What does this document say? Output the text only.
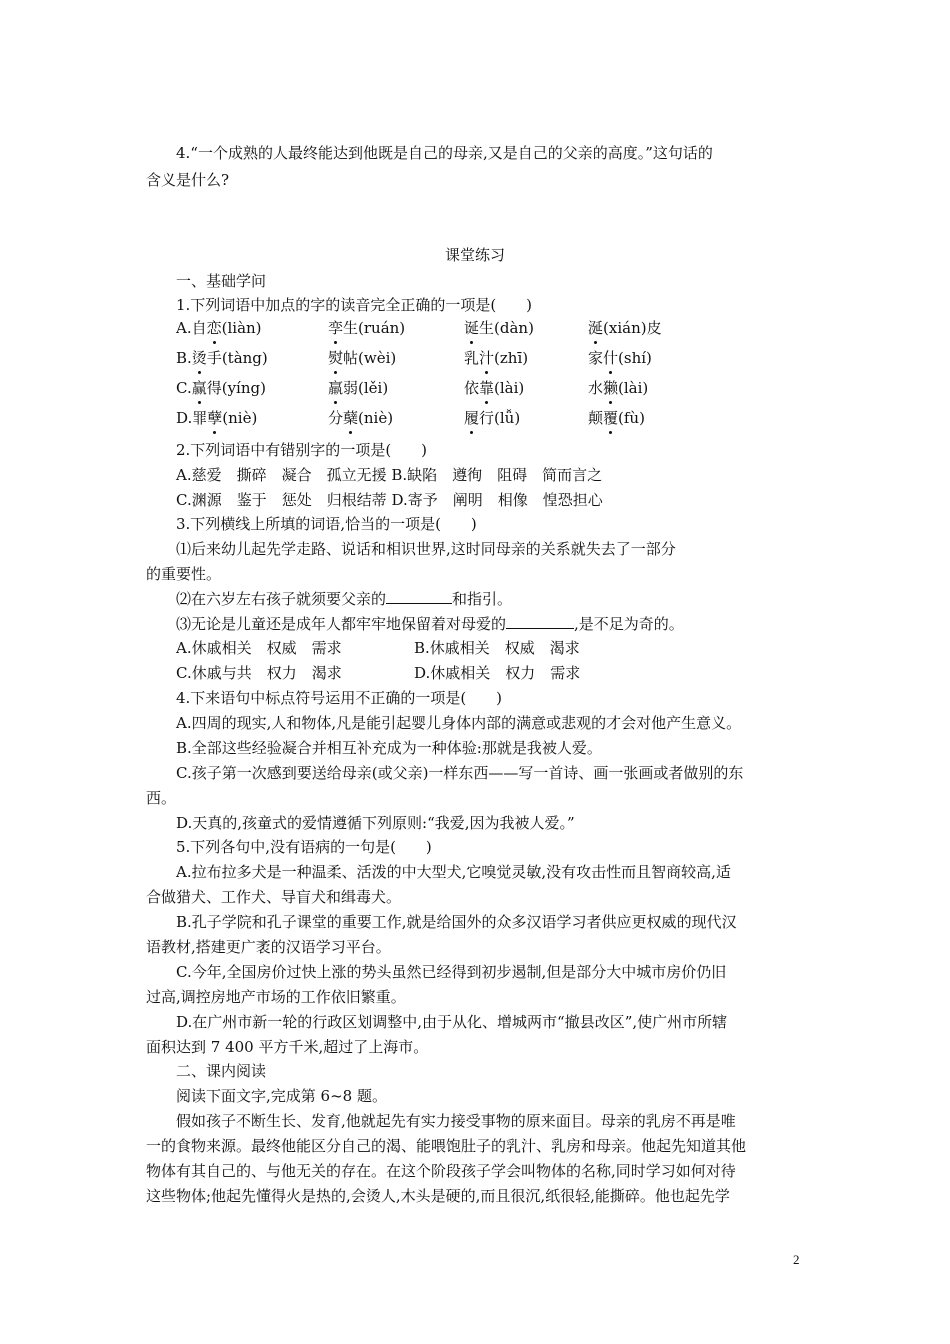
4.“一个成熟的人最终能达到他既是自己的母亲,又是自己的父亲的高度。”这句话的
含义是什么?
课堂练习
一、基础学问
1.下列词语中加点的字的读音完全正确的一项是(　　)
A.自恋(liàn)	孪生(ruán)	诞生(dàn)	涎(xián)皮
B.烫手(tàng)	熨帖(wèi)	乳汁(zhī)	家什(shí)
C.赢得(yíng)	羸弱(lěi)	依靠(lài)	水獭(lài)
D.罪孽(niè)	分蘖(niè)	履行(lǚ)	颠覆(fù)
2.下列词语中有错别字的一项是(　　)
A.慈爱　撕碎　凝合　孤立无援 B.缺陷　遵徇　阻碍　简而言之
C.渊源　鉴于　惩处　归根结蒂 D.寄予　阐明　相像　惶恐担心
3.下列横线上所填的词语,恰当的一项是(　　)
⑴后来幼儿起先学走路、说话和相识世界,这时同母亲的关系就失去了一部分
的重要性。
⑵在六岁左右孩子就须要父亲的	和指引。
⑶无论是儿童还是成年人都牢牢地保留着对母爱的	,是不足为奇的。
A.休戚相关　权威　需求	B.休戚相关　权威　渴求
C.休戚与共　权力　渴求	D.休戚相关　权力　需求
4.下来语句中标点符号运用不正确的一项是(　　)
A.四周的现实,人和物体,凡是能引起婴儿身体内部的满意或悲观的才会对他产生意义。
B.全部这些经验凝合并相互补充成为一种体验:那就是我被人爱。
C.孩子第一次感到要送给母亲(或父亲)一样东西——写一首诗、画一张画或者做别的东
西。
D.天真的,孩童式的爱情遵循下列原则:“我爱,因为我被人爱。”
5.下列各句中,没有语病的一句是(　　)
A.拉布拉多犬是一种温柔、活泼的中大型犬,它嗅觉灵敏,没有攻击性而且智商较高,适
合做猎犬、工作犬、导盲犬和缉毒犬。
B.孔子学院和孔子课堂的重要工作,就是给国外的众多汉语学习者供应更权威的现代汉
语教材,搭建更广袤的汉语学习平台。
C.今年,全国房价过快上涨的势头虽然已经得到初步遏制,但是部分大中城市房价仍旧
过高,调控房地产市场的工作依旧繁重。
D.在广州市新一轮的行政区划调整中,由于从化、增城两市“撤县改区”,使广州市所辖
面积达到 7 400 平方千米,超过了上海市。
二、课内阅读
阅读下面文字,完成第 6~8 题。
假如孩子不断生长、发育,他就起先有实力接受事物的原来面目。母亲的乳房不再是唯
一的食物来源。最终他能区分自己的渴、能喂饱肚子的乳汁、乳房和母亲。他起先知道其他
物体有其自己的、与他无关的存在。在这个阶段孩子学会叫物体的名称,同时学习如何对待
这些物体;他起先懂得火是热的,会烫人,木头是硬的,而且很沉,纸很轻,能撕碎。他也起先学
2
